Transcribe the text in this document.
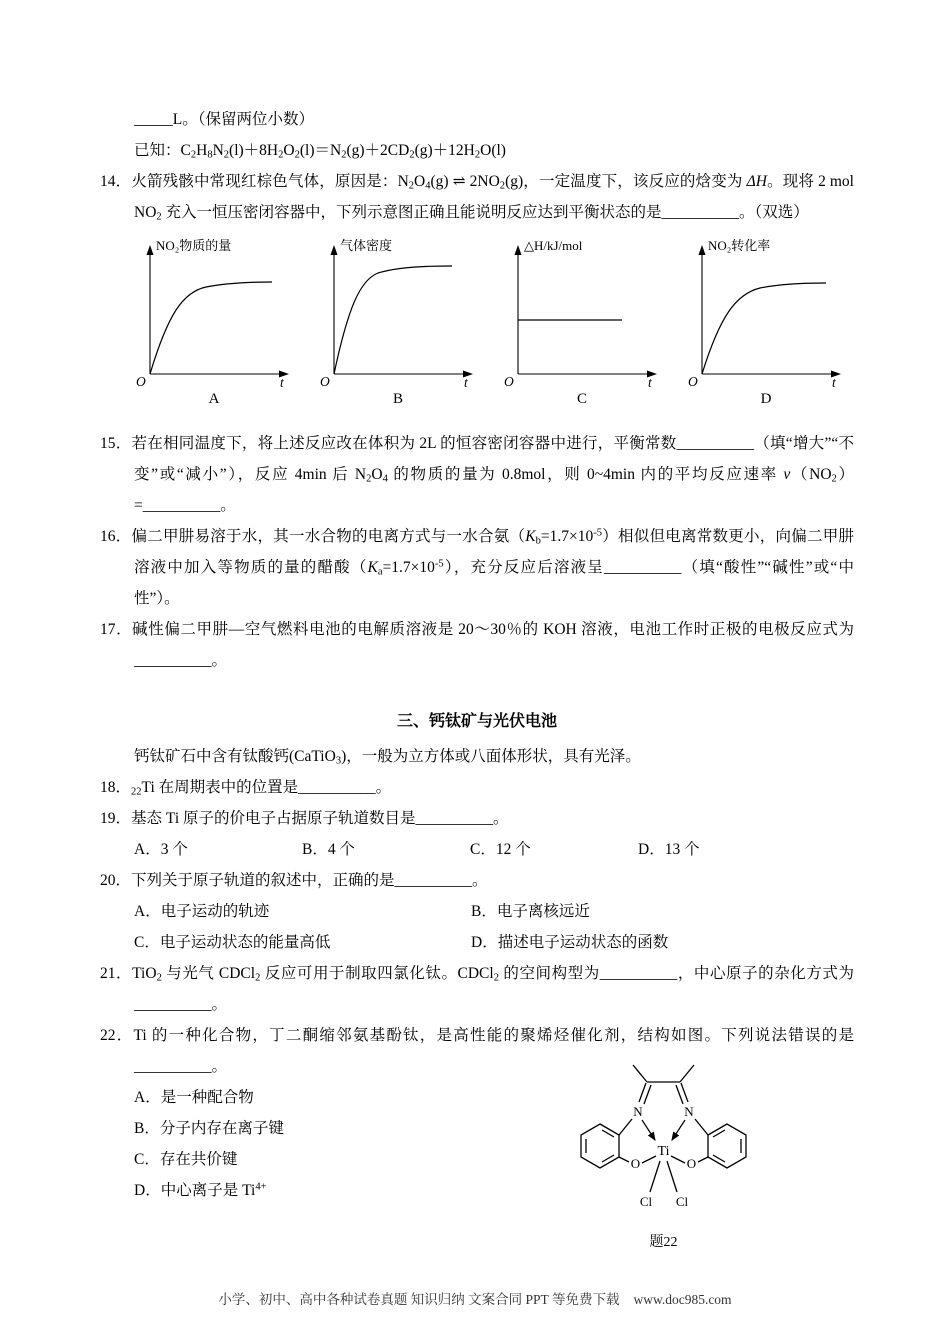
_____L。（保留两位小数）
已知：$C_2H_8N_2(l)+8H_2O_2(l)=N_2(g)+2CD_2(g)+12H_2O(l)$
14．火箭残骸中常现红棕色气体，原因是：$N_2O_4(g)$ ⇌ $2NO_2(g)$，一定温度下，该反应的焓变为 ΔH。现将 2 mol $NO_2$ 充入一恒压密闭容器中，下列示意图正确且能说明反应达到平衡状态的是__________。（双选）
NO₂物质的量
O	t
A
气体密度
O	t
B
△H/kJ/mol
O	t
C
NO₂转化率
O	t
D
15．若在相同温度下，将上述反应改在体积为 2L 的恒容密闭容器中进行，平衡常数__________（填“增大”“不变”或“减小”），反应 4min 后 $N_2O_4$ 的物质的量为 0.8mol，则 0~4min 内的平均反应速率 $v(NO_2)=\_\_\_\_\_\_\_\_\_\_$。
16．偏二甲肼易溶于水，其一水合物的电离方式与一水合氨$(K_b=1.7\times 10^{-5})$相似但电离常数更小，向偏二甲肼溶液中加入等物质的量的醋酸$(K_a=1.7\times 10^{-5})$，充分反应后溶液呈__________（填“酸性”“碱性”或“中性”）。
17．碱性偏二甲肼—空气燃料电池的电解质溶液是 20～30％的 KOH 溶液，电池工作时正极的电极反应式为__________。
三、钙钛矿与光伏电池
钙钛矿石中含有钛酸钙(CaTiO$_3$)，一般为立方体或八面体形状，具有光泽。
18．$_{22}$Ti 在周期表中的位置是__________。
19．基态 Ti 原子的价电子占据原子轨道数目是__________。
A．3 个	B．4 个	C．12 个	D．13 个
20．下列关于原子轨道的叙述中，正确的是__________。
A．电子运动的轨迹	B．电子离核远近
C．电子运动状态的能量高低	D．描述电子运动状态的函数
21．TiO$_2$ 与光气 CDCl$_2$ 反应可用于制取四氯化钛。CDCl$_2$ 的空间构型为__________，中心原子的杂化方式为__________。
22．Ti 的一种化合物，丁二酮缩邻氨基酚钛，是高性能的聚烯烃催化剂，结构如图。下列说法错误的是__________。
A．是一种配合物
B．分子内存在离子键
C．存在共价键
D．中心离子是 $Ti^{4+}$
N	N
Ti
O	O
Cl Cl
题22
小学、初中、高中各种试卷真题 知识归纳 文案合同 PPT 等免费下载 www.doc985.com
